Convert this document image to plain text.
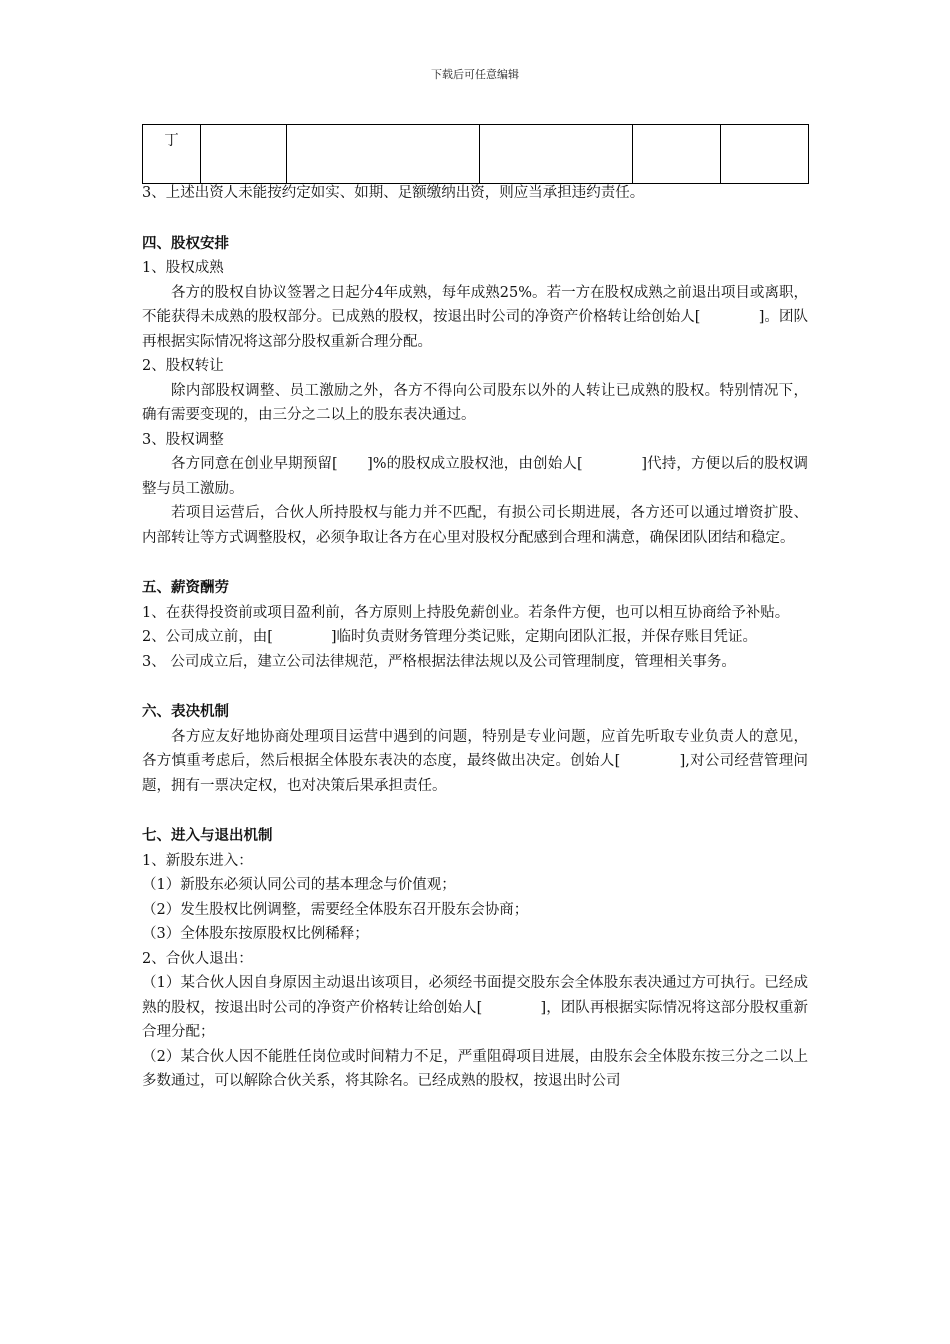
下载后可任意编辑
丁					

3、上述出资人未能按约定如实、如期、足额缴纳出资，则应当承担违约责任。

四、股权安排

1、股权成熟

各方的股权自协议签署之日起分4年成熟，每年成熟25%。若一方在股权成熟之前退出项目或离职，不能获得未成熟的股权部分。已成熟的股权，按退出时公司的净资产价格转让给创始人[　　　　]。团队再根据实际情况将这部分股权重新合理分配。

2、股权转让

除内部股权调整、员工激励之外，各方不得向公司股东以外的人转让已成熟的股权。特别情况下，确有需要变现的，由三分之二以上的股东表决通过。

3、股权调整

各方同意在创业早期预留[　　]%的股权成立股权池，由创始人[　　　　]代持，方便以后的股权调整与员工激励。

若项目运营后，合伙人所持股权与能力并不匹配，有损公司长期进展，各方还可以通过增资扩股、内部转让等方式调整股权，必须争取让各方在心里对股权分配感到合理和满意，确保团队团结和稳定。

五、薪资酬劳

1、在获得投资前或项目盈利前，各方原则上持股免薪创业。若条件方便，也可以相互协商给予补贴。

2、公司成立前，由[　　　　]临时负责财务管理分类记账，定期向团队汇报，并保存账目凭证。

3、 公司成立后，建立公司法律规范，严格根据法律法规以及公司管理制度，管理相关事务。

六、表决机制

各方应友好地协商处理项目运营中遇到的问题，特别是专业问题，应首先听取专业负责人的意见，各方慎重考虑后，然后根据全体股东表决的态度，最终做出决定。创始人[　　　　],对公司经营管理问题，拥有一票决定权，也对决策后果承担责任。

七、进入与退出机制

1、新股东进入：

（1）新股东必须认同公司的基本理念与价值观；

（2）发生股权比例调整，需要经全体股东召开股东会协商；

（3）全体股东按原股权比例稀释；

2、合伙人退出：

（1）某合伙人因自身原因主动退出该项目，必须经书面提交股东会全体股东表决通过方可执行。已经成熟的股权，按退出时公司的净资产价格转让给创始人[　　　　]，团队再根据实际情况将这部分股权重新合理分配；

（2）某合伙人因不能胜任岗位或时间精力不足，严重阻碍项目进展，由股东会全体股东按三分之二以上多数通过，可以解除合伙关系，将其除名。已经成熟的股权，按退出时公司
